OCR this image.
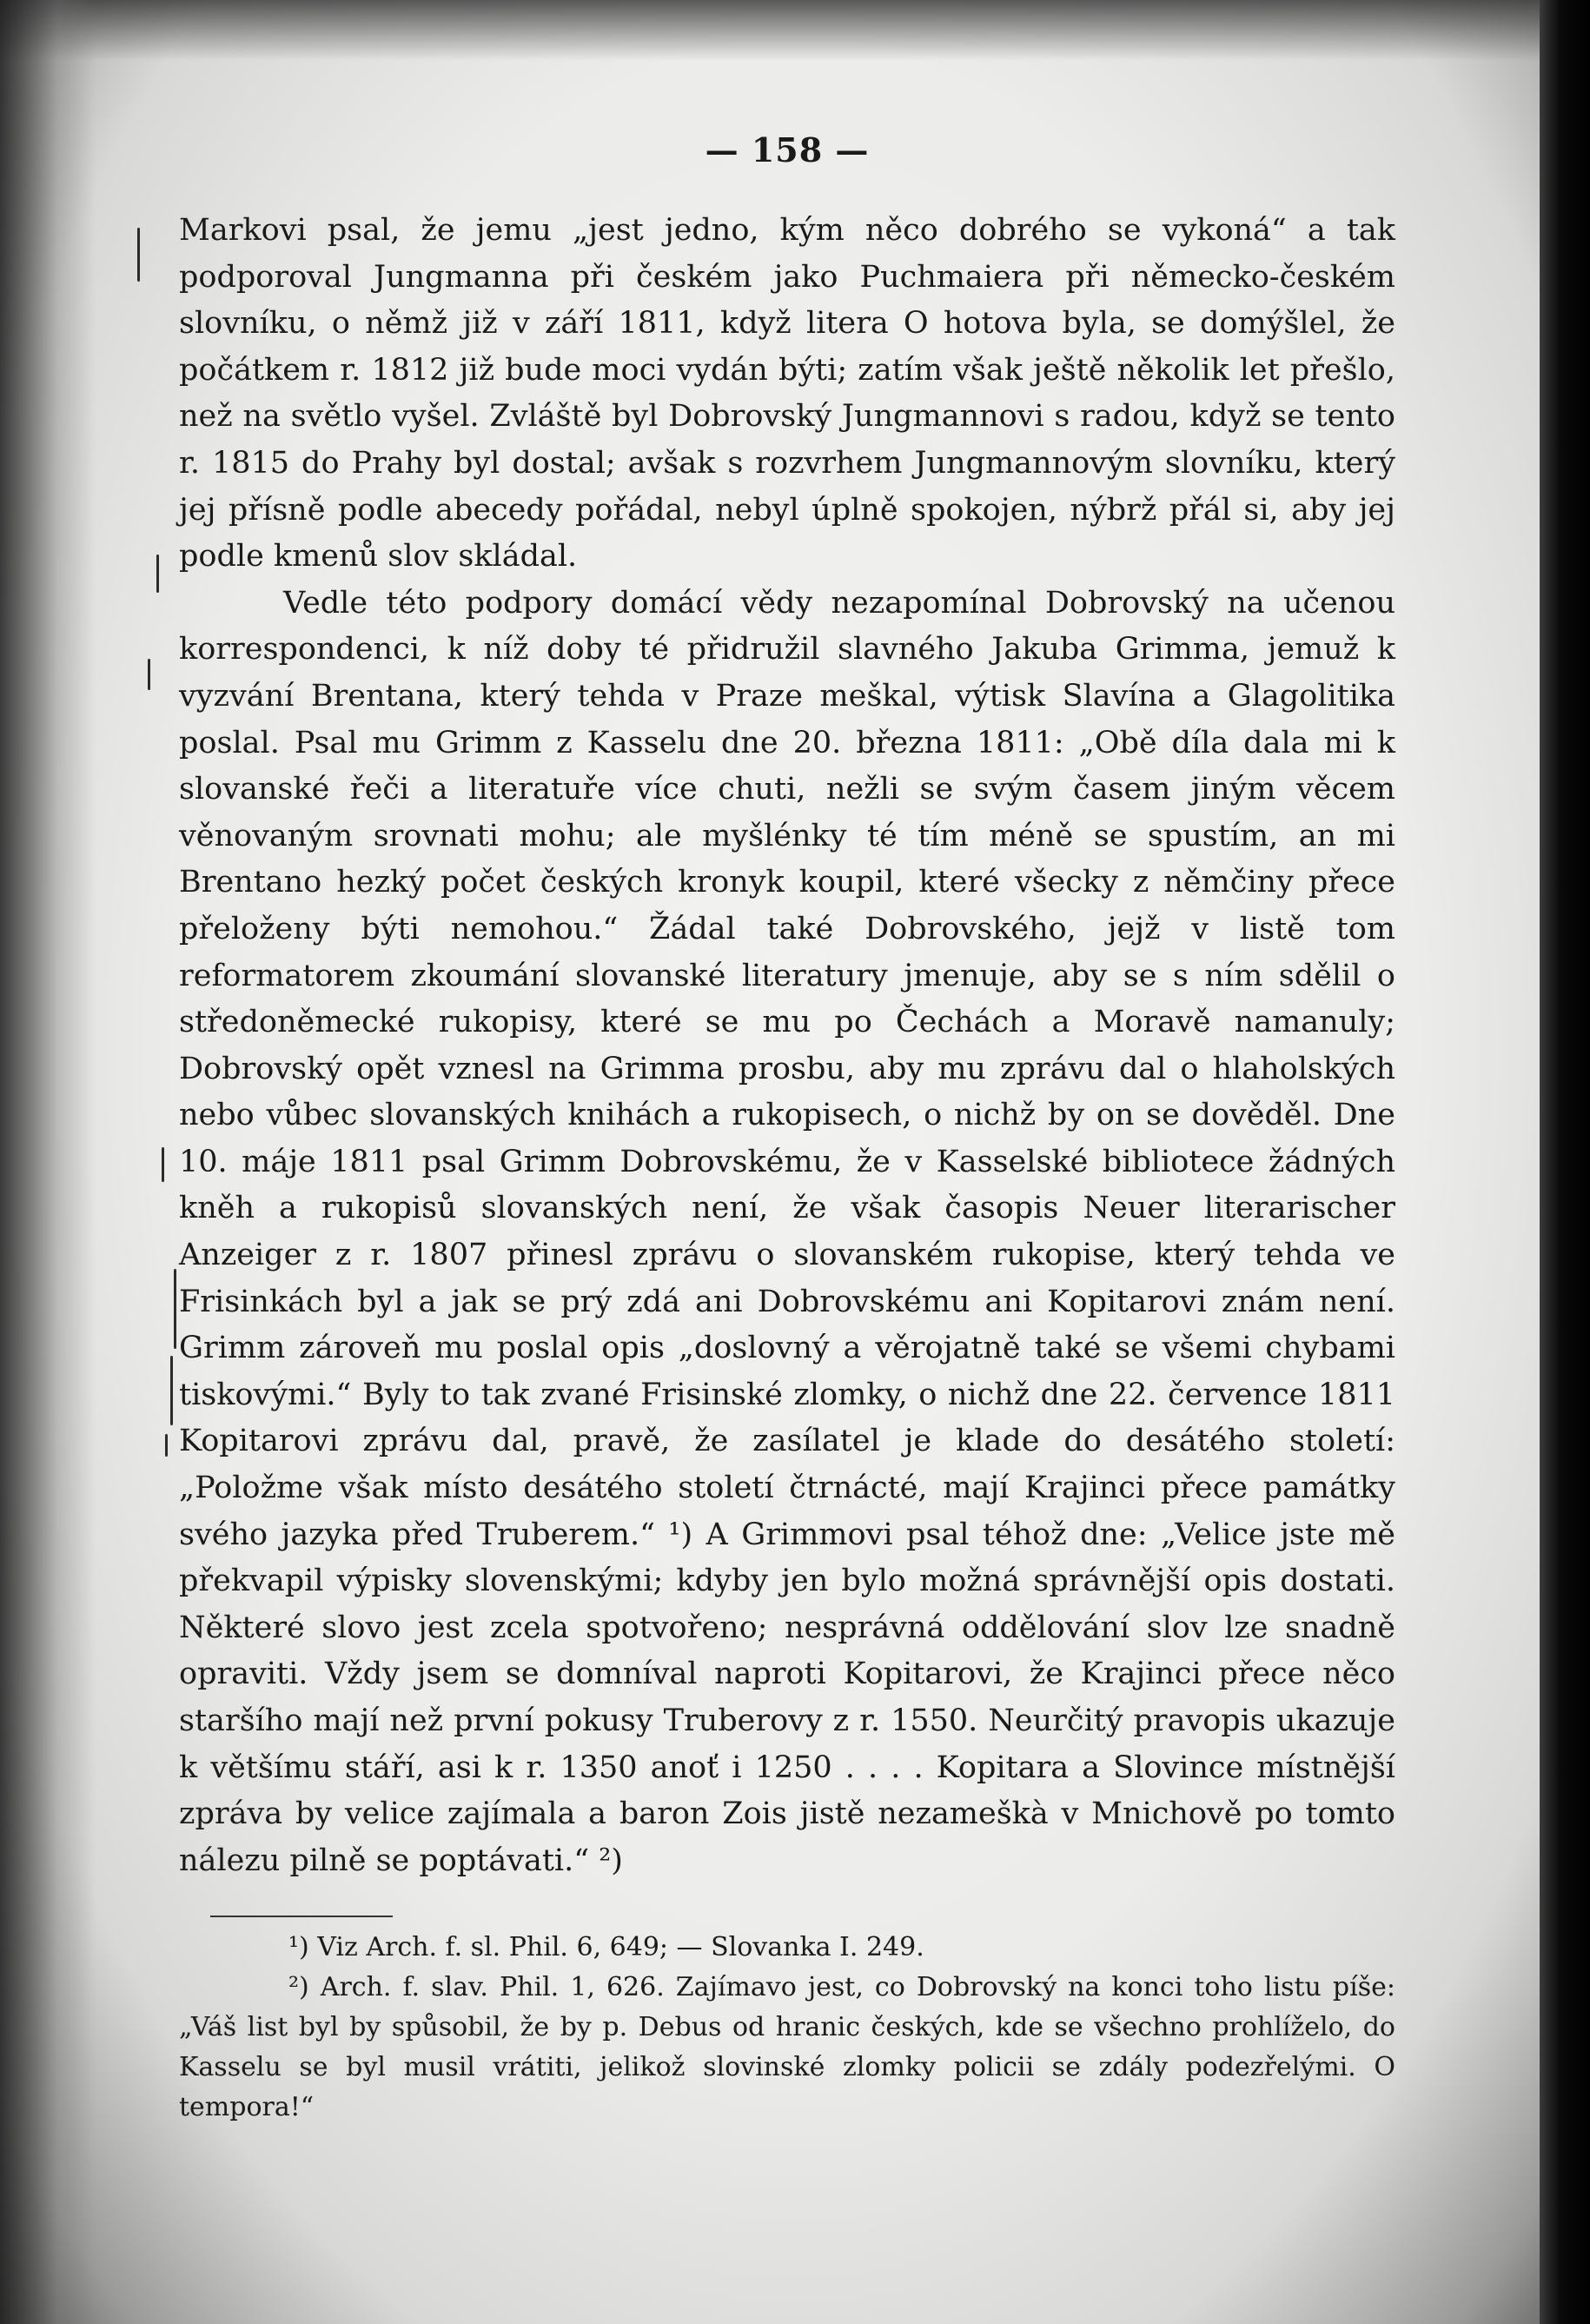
— 158 —

Markovi psal, že jemu „jest jedno, kým něco dobrého se vykoná“ a tak podporoval Jungmanna při českém jako Puchmaiera při německo-českém slovníku, o němž již v září 1811, když litera O hotova byla, se domýšlel, že počátkem r. 1812 již bude moci vydán býti; zatím však ještě několik let přešlo, než na světlo vyšel. Zvláště byl Dobrovský Jungmannovi s radou, když se tento r. 1815 do Prahy byl dostal; avšak s rozvrhem Jungmannovým slovníku, který jej přísně podle abecedy pořádal, nebyl úplně spokojen, nýbrž přál si, aby jej podle kmenů slov skládal.

Vedle této podpory domácí vědy nezapomínal Dobrovský na učenou korrespondenci, k níž doby té přidružil slavného Jakuba Grimma, jemuž k vyzvání Brentana, který tehda v Praze meškal, výtisk Slavína a Glagolitika poslal. Psal mu Grimm z Kasselu dne 20. března 1811: „Obě díla dala mi k slovanské řeči a literatuře více chuti, nežli se svým časem jiným věcem věnovaným srovnati mohu; ale myšlénky té tím méně se spustím, an mi Brentano hezký počet českých kronyk koupil, které všecky z němčiny přece přeloženy býti nemohou.“ Žádal také Dobrovského, jejž v listě tom reformatorem zkoumání slovanské literatury jmenuje, aby se s ním sdělil o středoněmecké rukopisy, které se mu po Čechách a Moravě namanuly; Dobrovský opět vznesl na Grimma prosbu, aby mu zprávu dal o hlaholských nebo vůbec slovanských knihách a rukopisech, o nichž by on se dověděl. Dne 10. máje 1811 psal Grimm Dobrovskému, že v Kasselské bibliotece žádných kněh a rukopisů slovanských není, že však časopis Neuer literarischer Anzeiger z r. 1807 přinesl zprávu o slovanském rukopise, který tehda ve Frisinkách byl a jak se prý zdá ani Dobrovskému ani Kopitarovi znám není. Grimm zároveň mu poslal opis „doslovný a věrojatně také se všemi chybami tiskovými.“ Byly to tak zvané Frisinské zlomky, o nichž dne 22. července 1811 Kopitarovi zprávu dal, pravě, že zasílatel je klade do desátého století: „Položme však místo desátého století čtrnácté, mají Krajinci přece památky svého jazyka před Truberem.“ ¹) A Grimmovi psal téhož dne: „Velice jste mě překvapil výpisky slovenskými; kdyby jen bylo možná správnější opis dostati. Některé slovo jest zcela spotvořeno; nesprávná oddělování slov lze snadně opraviti. Vždy jsem se domníval naproti Kopitarovi, že Krajinci přece něco staršího mají než první pokusy Truberovy z r. 1550. Neurčitý pravopis ukazuje k většímu stáří, asi k r. 1350 anoť i 1250 . . . . Kopitara a Slovince místnější zpráva by velice zajímala a baron Zois jistě nezameškà v Mnichově po tomto nálezu pilně se poptávati.“ ²)

¹) Viz Arch. f. sl. Phil. 6, 649; — Slovanka I. 249.

²) Arch. f. slav. Phil. 1, 626. Zajímavo jest, co Dobrovský na konci toho listu píše: „Váš list byl by spůsobil, že by p. Debus od hranic českých, kde se všechno prohlíželo, do Kasselu se byl musil vrátiti, jelikož slovinské zlomky policii se zdály podezřelými. O tempora!“
